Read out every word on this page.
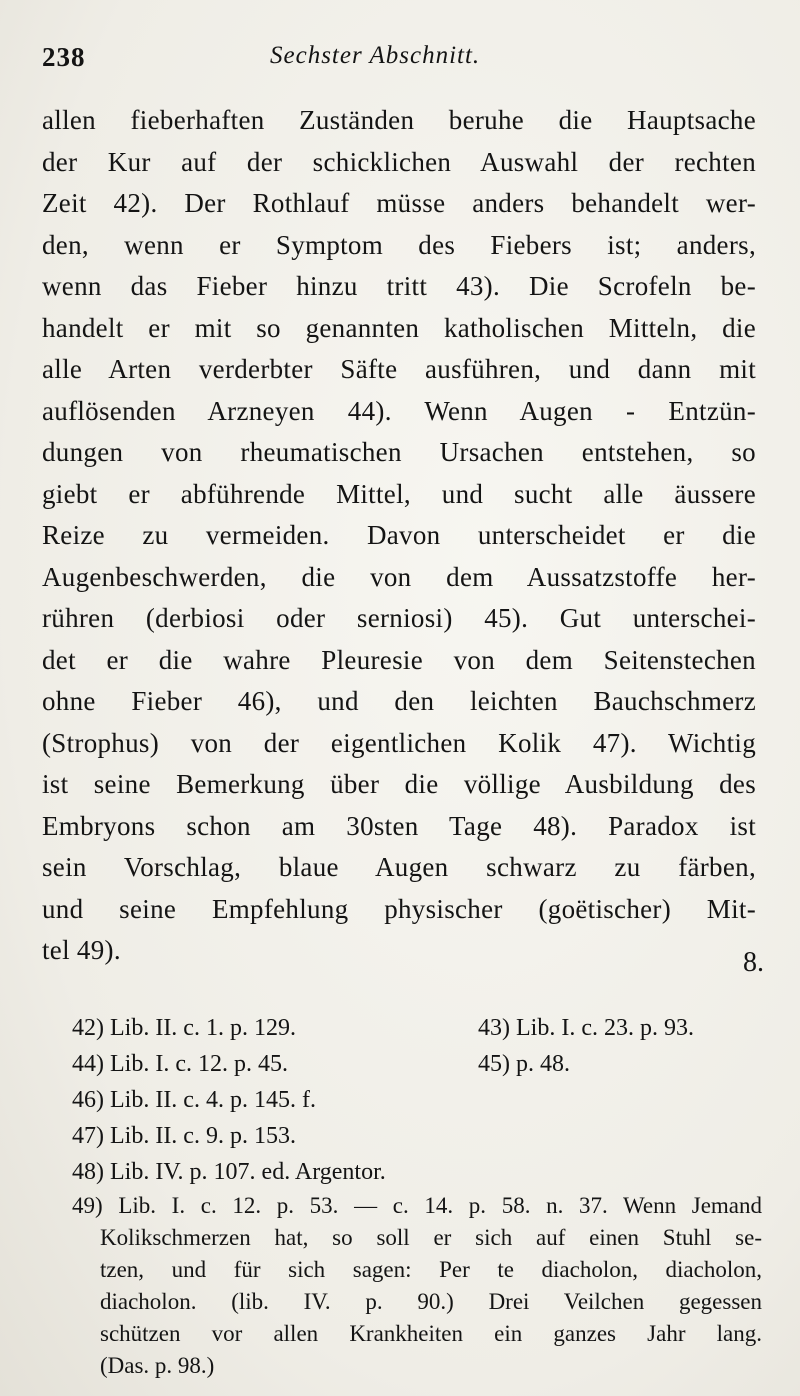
238	Sechster Abschnitt.
allen fieberhaften Zuständen beruhe die Hauptsache
der Kur auf der schicklichen Auswahl der rechten
Zeit 42). Der Rothlauf müsse anders behandelt wer-
den, wenn er Symptom des Fiebers ist; anders,
wenn das Fieber hinzu tritt 43). Die Scrofeln be-
handelt er mit so genannten katholischen Mitteln, die
alle Arten verderbter Säfte ausführen, und dann mit
auflösenden Arzneyen 44). Wenn Augen - Entzün-
dungen von rheumatischen Ursachen entstehen, so
giebt er abführende Mittel, und sucht alle äussere
Reize zu vermeiden. Davon unterscheidet er die
Augenbeschwerden, die von dem Aussatzstoffe her-
rühren (derbiosi oder serniosi) 45). Gut unterschei-
det er die wahre Pleuresie von dem Seitenstechen
ohne Fieber 46), und den leichten Bauchschmerz
(Strophus) von der eigentlichen Kolik 47). Wichtig
ist seine Bemerkung über die völlige Ausbildung des
Embryons schon am 30sten Tage 48). Paradox ist
sein Vorschlag, blaue Augen schwarz zu färben,
und seine Empfehlung physischer (goëtischer) Mit-
tel 49).	8.
42) Lib. II. c. 1. p. 129.	43) Lib. I. c. 23. p. 93.
44) Lib. I. c. 12. p. 45.	45) p. 48.
46) Lib. II. c. 4. p. 145. f.
47) Lib. II. c. 9. p. 153.
48) Lib. IV. p. 107. ed. Argentor.
49) Lib. I. c. 12. p. 53. — c. 14. p. 58. n. 37. Wenn Jemand
Kolikschmerzen hat, so soll er sich auf einen Stuhl se-
tzen, und für sich sagen: Per te diacholon, diacholon,
diacholon. (lib. IV. p. 90.) Drei Veilchen gegessen
schützen vor allen Krankheiten ein ganzes Jahr lang.
(Das. p. 98.)
